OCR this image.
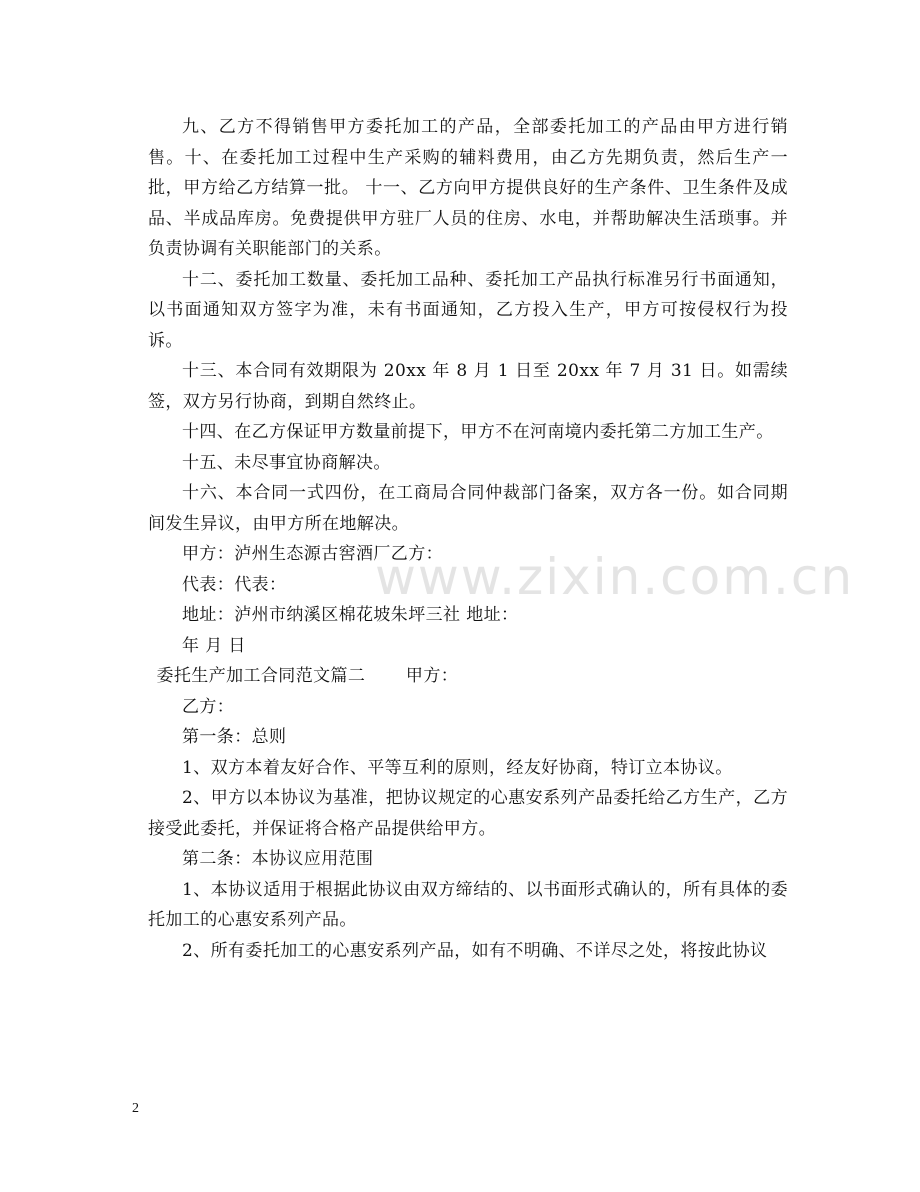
九、乙方不得销售甲方委托加工的产品，全部委托加工的产品由甲方进行销售。十、在委托加工过程中生产采购的辅料费用，由乙方先期负责，然后生产一批，甲方给乙方结算一批。 十一、乙方向甲方提供良好的生产条件、卫生条件及成品、半成品库房。免费提供甲方驻厂人员的住房、水电，并帮助解决生活琐事。并负责协调有关职能部门的关系。

十二、委托加工数量、委托加工品种、委托加工产品执行标准另行书面通知，以书面通知双方签字为准，未有书面通知，乙方投入生产，甲方可按侵权行为投诉。

十三、本合同有效期限为 20xx 年 8 月 1 日至 20xx 年 7 月 31 日。如需续签，双方另行协商，到期自然终止。

十四、在乙方保证甲方数量前提下，甲方不在河南境内委托第二方加工生产。

十五、未尽事宜协商解决。

十六、本合同一式四份，在工商局合同仲裁部门备案，双方各一份。如合同期间发生异议，由甲方所在地解决。

甲方：泸州生态源古窖酒厂乙方：

代表：代表：

地址：泸州市纳溪区棉花坡朱坪三社 地址：

年 月 日

委托生产加工合同范文篇二       甲方：

乙方：

第一条：总则

1、双方本着友好合作、平等互利的原则，经友好协商，特订立本协议。

2、甲方以本协议为基准，把协议规定的心惠安系列产品委托给乙方生产，乙方接受此委托，并保证将合格产品提供给甲方。

第二条：本协议应用范围

1、本协议适用于根据此协议由双方缔结的、以书面形式确认的，所有具体的委托加工的心惠安系列产品。

2、所有委托加工的心惠安系列产品，如有不明确、不详尽之处，将按此协议

www.zixin.com.cn
2
